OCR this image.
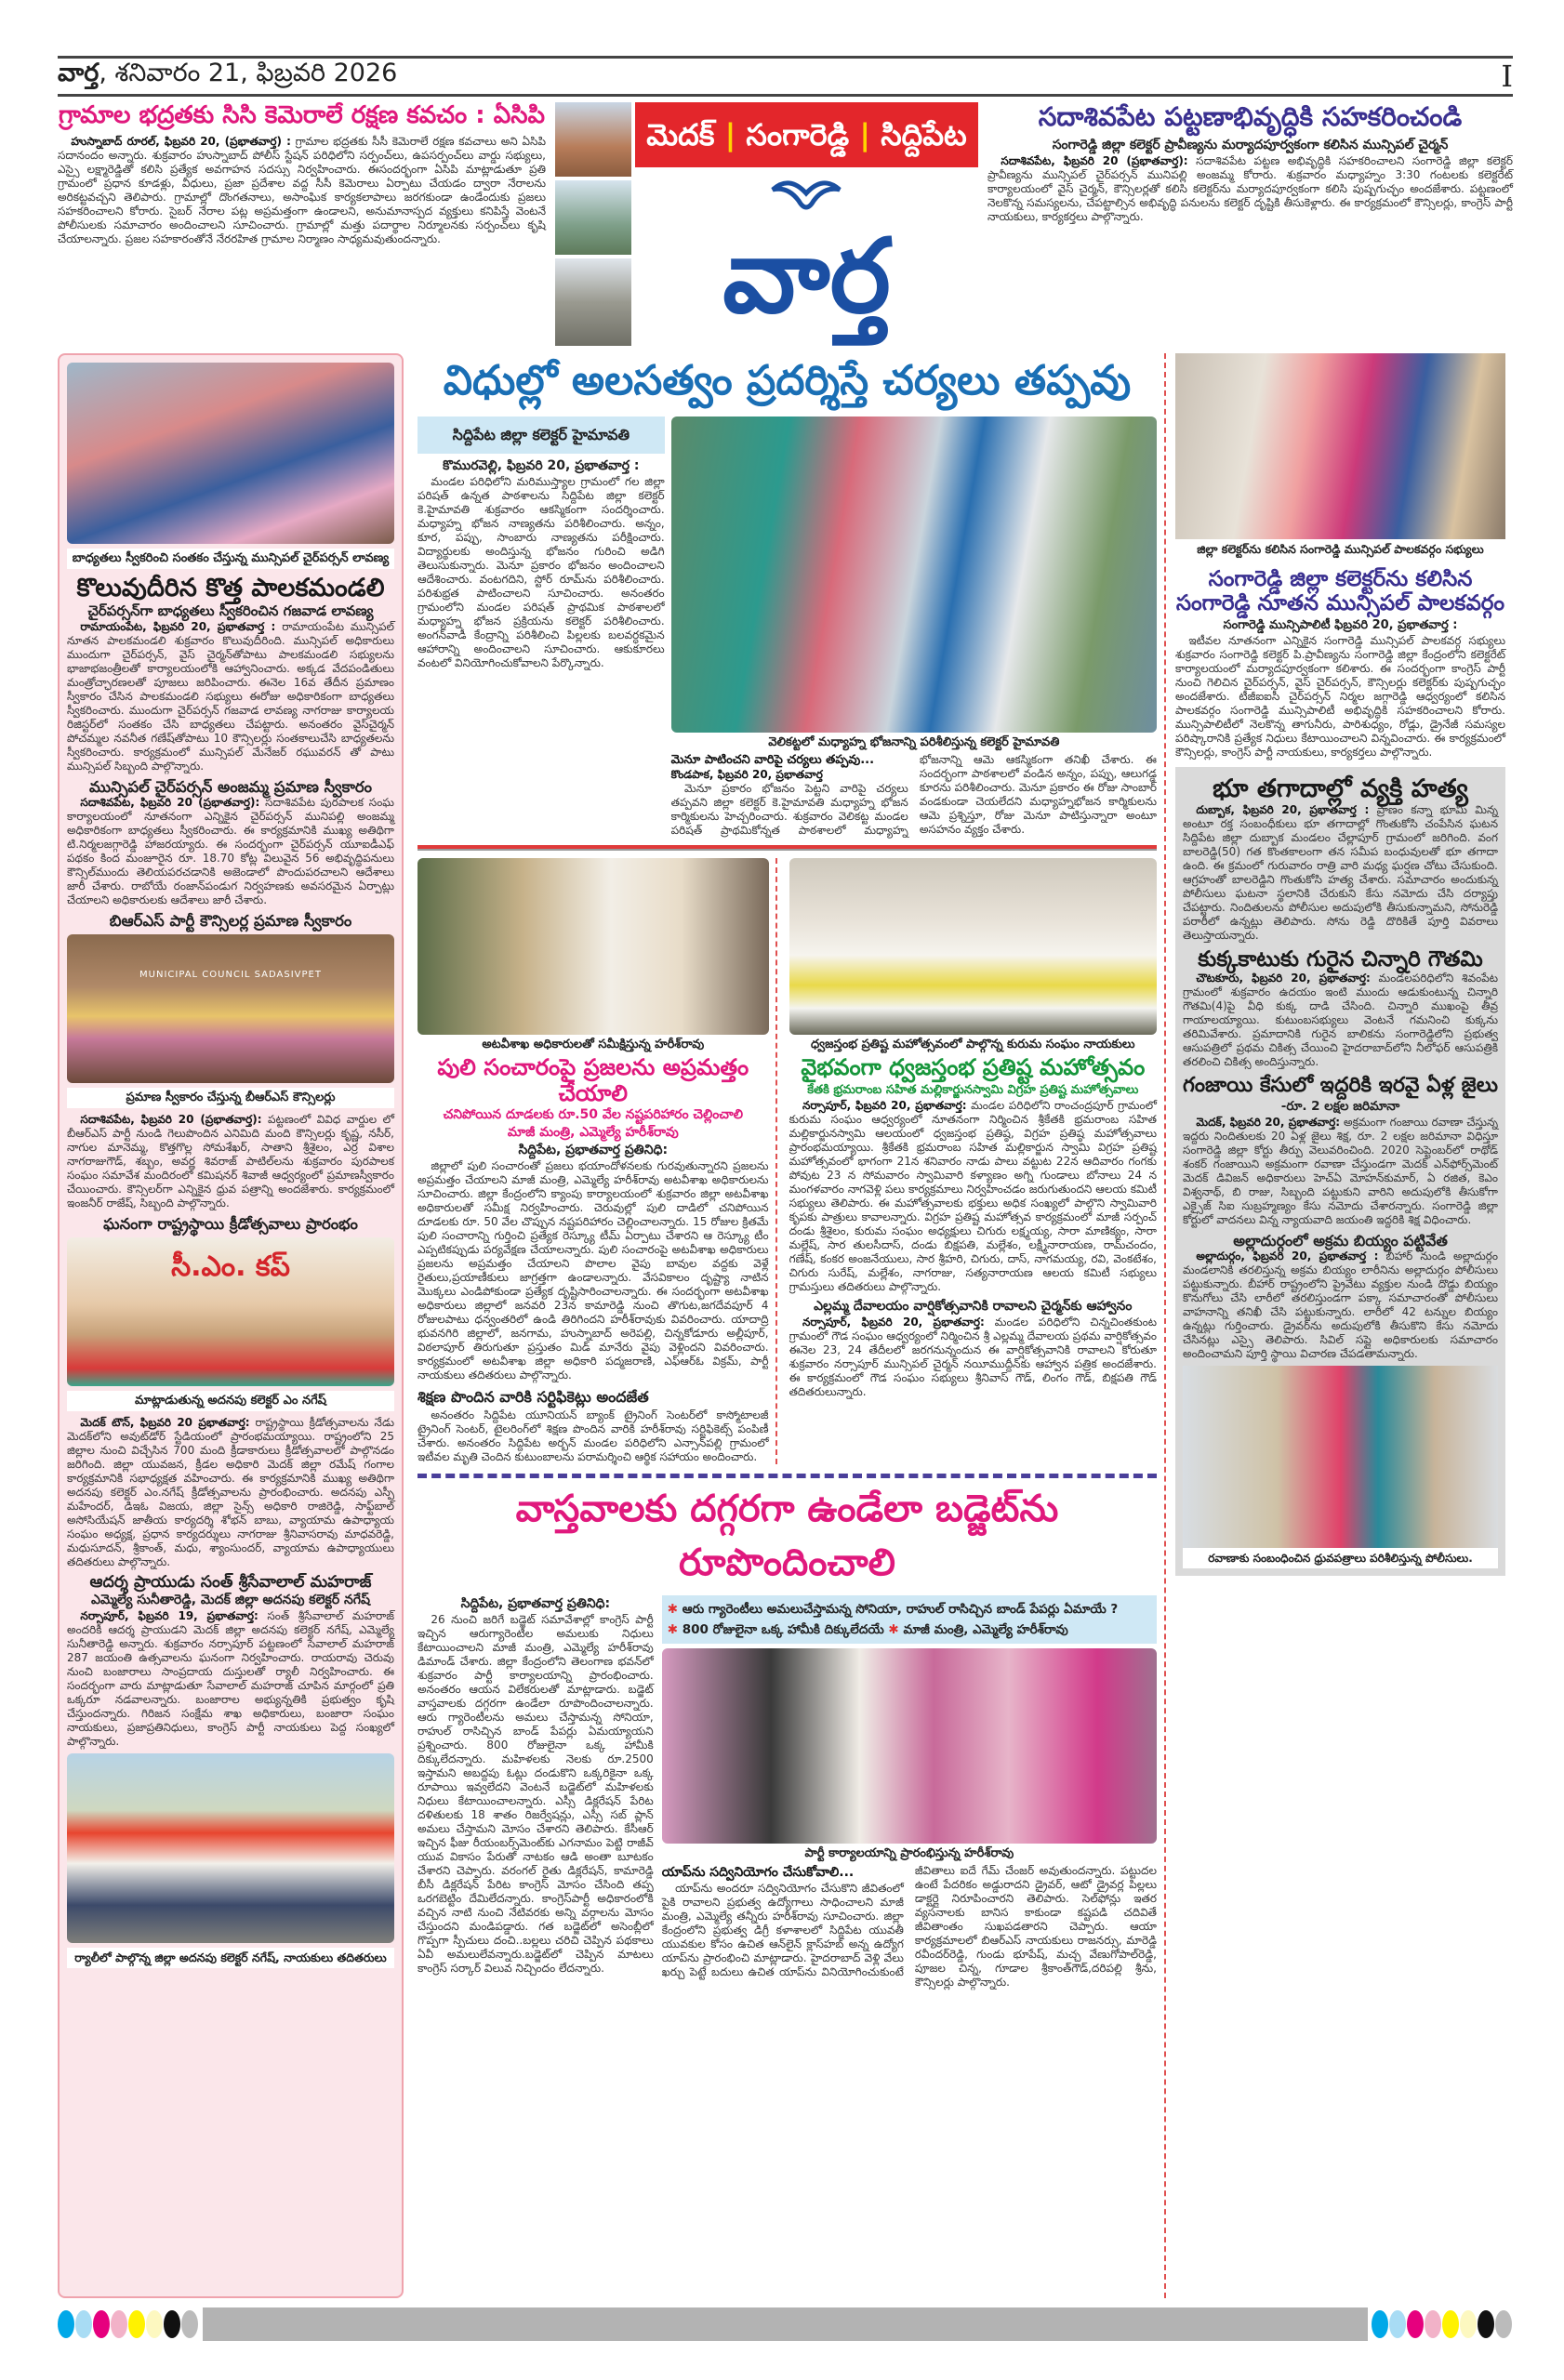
వార్త, శనివారం 21, ఫిబ్రవరి 2026	I
గ్రామాల భద్రతకు సిసి కెమెరాలే రక్షణ కవచం : ఏసిపి

హుస్నాబాద్ రూరల్, ఫిబ్రవరి 20, (ప్రభాతవార్త) : గ్రామాల భద్రతకు సీసీ కెమెరాలే రక్షణ కవచాలు అని ఏసిపి సదానందం అన్నారు. శుక్రవారం హుస్నాబాద్ పోలీస్ స్టేషన్ పరిధిలోని సర్పంచ్‌లు, ఉపసర్పంచ్‌లు వార్డు సభ్యులు, ఎస్సై లక్ష్మారెడ్డితో కలిసి ప్రత్యేక అవగాహన సదస్సు నిర్వహించారు. ఈసందర్భంగా ఏసిపి మాట్లాడుతూ ప్రతి గ్రామంలో ప్రధాన కూడళ్లు, వీధులు, ప్రజా ప్రదేశాల వద్ద సీసీ కెమెరాలు ఏర్పాటు చేయడం ద్వారా నేరాలను అరికట్టవచ్చని తెలిపారు. గ్రామాల్లో దొంగతనాలు, అసాంఘిక కార్యకలాపాలు జరగకుండా ఉండేందుకు ప్రజలు సహకరించాలని కోరారు. సైబర్ నేరాల పట్ల అప్రమత్తంగా ఉండాలని, అనుమానాస్పద వ్యక్తులు కనిపిస్తే వెంటనే పోలీసులకు సమాచారం అందించాలని సూచించారు. గ్రామాల్లో మత్తు పదార్థాల నిర్మూలనకు సర్పంచ్‌లు కృషి చేయాలన్నారు. ప్రజల సహకారంతోనే నేరరహిత గ్రామాల నిర్మాణం సాధ్యమవుతుందన్నారు.

మెదక్ | సంగారెడ్డి | సిద్దిపేట
వార్త
సదాశివపేట పట్టణాభివృద్ధికి సహకరించండి
సంగారెడ్డి జిల్లా కలెక్టర్ ప్రావీణ్యను మర్యాదపూర్వకంగా కలిసిన మున్సిపల్ చైర్మన్

సదాశివపేట, ఫిబ్రవరి 20 (ప్రభాతవార్త): సదాశివపేట పట్టణ అభివృద్ధికి సహకరించాలని సంగారెడ్డి జిల్లా కలెక్టర్ ప్రావీణ్యను మున్సిపల్ చైర్‌పర్సన్ మునిపల్లి అంజమ్మ కోరారు. శుక్రవారం మధ్యాహ్నం 3:30 గంటలకు కలెక్టరేట్ కార్యాలయంలో వైస్ చైర్మన్, కౌన్సిలర్లతో కలిసి కలెక్టర్‌ను మర్యాదపూర్వకంగా కలిసి పుష్పగుచ్ఛం అందజేశారు. పట్టణంలో నెలకొన్న సమస్యలను, చేపట్టాల్సిన అభివృద్ధి పనులను కలెక్టర్ దృష్టికి తీసుకెళ్లారు. ఈ కార్యక్రమంలో కౌన్సిలర్లు, కాంగ్రెస్ పార్టీ నాయకులు, కార్యకర్తలు పాల్గొన్నారు.

బాధ్యతలు స్వీకరించి సంతకం చేస్తున్న మున్సిపల్ చైర్‌పర్సన్ లావణ్య
కొలువుదీరిన కొత్త పాలకమండలి
చైర్‌పర్సన్‌గా బాధ్యతలు స్వీకరించిన గజవాడ లావణ్య

రామాయంపేట, ఫిబ్రవరి 20, ప్రభాతవార్త : రామాయంపేట మున్సిపల్ నూతన పాలకమండలి శుక్రవారం కొలువుదీరింది. మున్సిపల్ అధికారులు ముందుగా చైర్‌పర్సన్, వైస్ చైర్మన్‌తోపాటు పాలకమండలి సభ్యులను భాజాభజంత్రీలతో కార్యాలయంలోకి ఆహ్వానించారు. అక్కడ వేదపండితులు మంత్రోచ్ఛారణలతో పూజలు జరిపించారు. ఈనెల 16వ తేదీన ప్రమాణం స్వీకారం చేసిన పాలకమండలి సభ్యులు ఈరోజు అధికారికంగా బాధ్యతలు స్వీకరించారు. ముందుగా చైర్‌పర్సన్ గజవాడ లావణ్య నాగరాజు కార్యాలయ రిజిస్టర్‌లో సంతకం చేసి బాధ్యతలు చేపట్టారు. అనంతరం వైస్‌చైర్మన్ పోచమ్మల నవనీత గణేష్‌తోపాటు 10 కౌన్సిలర్లు సంతకాలుచేసి బాధ్యతలను స్వీకరించారు. కార్యక్రమంలో మున్సిపల్ మేనేజర్ రఘువరన్ తో పాటు మున్సిపల్ సిబ్బంది పాల్గొన్నారు.

మున్సిపల్ చైర్‌పర్సన్ అంజమ్మ ప్రమాణ స్వీకారం

సదాశివపేట, ఫిబ్రవరి 20 (ప్రభాతవార్త): సదాశివపేట పురపాలక సంఘ కార్యాలయంలో నూతనంగా ఎన్నికైన చైర్‌పర్సన్ మునిపల్లి అంజమ్మ అధికారికంగా బాధ్యతలు స్వీకరించారు. ఈ కార్యక్రమానికి ముఖ్య అతిథిగా టి.నిర్మలజగ్గారెడ్డి హాజరయ్యారు. ఈ సందర్భంగా చైర్‌పర్సన్ యూఐడీఎఫ్ పథకం కింద మంజూరైన రూ. 18.70 కోట్ల విలువైన 56 అభివృద్ధిపనులు కౌన్సిల్‌ముందు తెలియపరచడానికి అజెండాలో పొందుపరచాలని ఆదేశాలు జారీ చేశారు. రాబోయే రంజాన్‌పండుగ నిర్వహణకు అవసరమైన ఏర్పాట్లు చేయాలని అధికారులకు ఆదేశాలు జారీ చేశారు.

బిఆర్ఎస్ పార్టీ కౌన్సిలర్ల ప్రమాణ స్వీకారం
MUNICIPAL COUNCIL SADASIVPET
ప్రమాణ స్వీకారం చేస్తున్న బీఆర్ఎస్ కౌన్సిలర్లు

సదాశివపేట, ఫిబ్రవరి 20 (ప్రభాతవార్త): పట్టణంలో వివిధ వార్డుల లో బీఆర్ఎస్ పార్టీ నుండి గెలుపొందిన ఎనిమిది మంది కౌన్సిలర్లు కృష్ణ, నసీర్, నాగుల మానెమ్మ, కొత్తగొల్ల సోమశేఖర్, సాతాని శ్రీశైలం, ఎర్ర విశాల నాగరాజుగౌడ్, శబ్బం, అవర్ణ శివరాజ్ పాటిల్‌లను శుక్రవారం పురపాలక సంఘం సమావేశ మందిరంలో కమిషనర్ శివాజీ ఆధ్వర్యంలో ప్రమాణస్వీకారం చేయించారు. కౌన్సిలర్‌గా ఎన్నికైన ధ్రువ పత్రాన్ని అందజేశారు. కార్యక్రమంలో ఇంజనీర్ రాజేష్, సిబ్బంది పాల్గొన్నారు.

ఘనంగా రాష్ట్రస్థాయి క్రీడోత్సవాలు ప్రారంభం
సీ.ఎం. కప్
మాట్లాడుతున్న అదనపు కలెక్టర్ ఎం నగేష్

మెదక్ టౌన్, ఫిబ్రవరి 20 ప్రభాతవార్త: రాష్ట్రస్థాయి క్రీడోత్సవాలను నేడు మెదక్‌లోని అవుట్‌డోర్ స్టేడియంలో ప్రారంభమయ్యాయి. రాష్ట్రంలోని 25 జిల్లాల నుంచి విచ్చేసిన 700 మంది క్రీడాకారులు క్రీడోత్సవాలలో పాల్గొనడం జరిగింది. జిల్లా యువజన, క్రీడల అధికారి మెదక్ జిల్లా రమేష్ గంగాల కార్యక్రమానికి సభాధ్యక్షత వహించారు. ఈ కార్యక్రమానికి ముఖ్య అతిథిగా అదనపు కలెక్టర్ ఎం.నగేష్ క్రీడోత్సవాలను ప్రారంభించారు. అదనపు ఎస్పీ మహేందర్, డిఇఓ విజయ, జిల్లా సైన్స్ అధికారి రాజిరెడ్డి, సాఫ్ట్‌బాల్ అసోసియేషన్ జాతీయ కార్యదర్శి శోభన్ బాబు, వ్యాయామ ఉపాధ్యాయ సంఘం అధ్యక్ష, ప్రధాన కార్యదర్శులు నాగరాజు శ్రీనివాసరావు మాధవరెడ్డి, మధుసూదన్, శ్రీకాంత్, మధు, శ్యాంసుందర్, వ్యాయామ ఉపాధ్యాయులు తదితరులు పాల్గొన్నారు.

ఆదర్శ ప్రాయుడు సంత్ శ్రీసేవాలాల్ మహరాజ్
ఎమ్మెల్యే సునీతారెడ్డి, మెదక్ జిల్లా అదనపు కలెక్టర్ నగేష్

నర్సాపూర్, ఫిబ్రవరి 19, ప్రభాతవార్త: సంత్ శ్రీసేవాలాల్ మహరాజ్ అందరికీ ఆదర్శ ప్రాయుడని మెదక్ జిల్లా అదనపు కలెక్టర్ నగేష్, ఎమ్మెల్యే సునీతారెడ్డి అన్నారు. శుక్రవారం నర్సాపూర్ పట్టణంలో సేవాలాల్ మహరాజ్ 287 జయంతి ఉత్సవాలను ఘనంగా నిర్వహించారు. రాయరావు చెరువు నుంచి బంజారాలు సాంప్రదాయ దుస్తులతో ర్యాలీ నిర్వహించారు. ఈ సందర్భంగా వారు మాట్లాడుతూ సేవాలాల్ మహరాజ్ చూపిన మార్గంలో ప్రతి ఒక్కరూ నడవాలన్నారు. బంజారాల అభ్యున్నతికి ప్రభుత్వం కృషి చేస్తుందన్నారు. గిరిజన సంక్షేమ శాఖ అధికారులు, బంజారా సంఘం నాయకులు, ప్రజాప్రతినిధులు, కాంగ్రెస్ పార్టీ నాయకులు పెద్ద సంఖ్యలో పాల్గొన్నారు.

ర్యాలీలో పాల్గొన్న జిల్లా అదనపు కలెక్టర్ నగేష్, నాయకులు తదితరులు
విధుల్లో అలసత్వం ప్రదర్శిస్తే చర్యలు తప్పవు
సిద్దిపేట జిల్లా కలెక్టర్ హైమావతి
కొమురవెల్లి, ఫిబ్రవరి 20, ప్రభాతవార్త :

మండల పరిధిలోని మరిముస్త్యాల గ్రామంలో గల జిల్లా పరిషత్ ఉన్నత పాఠశాలను సిద్దిపేట జిల్లా కలెక్టర్ కె.హైమావతి శుక్రవారం ఆకస్మికంగా సందర్శించారు. మధ్యాహ్న భోజన నాణ్యతను పరిశీలించారు. అన్నం, కూర, పప్పు, సాంబారు నాణ్యతను పరీక్షించారు. విద్యార్థులకు అందిస్తున్న భోజనం గురించి అడిగి తెలుసుకున్నారు. మెనూ ప్రకారం భోజనం అందించాలని ఆదేశించారు. వంటగదిని, స్టోర్ రూమ్‌ను పరిశీలించారు. పరిశుభ్రత పాటించాలని సూచించారు. అనంతరం గ్రామంలోని మండల పరిషత్ ప్రాథమిక పాఠశాలలో మధ్యాహ్న భోజన ప్రక్రియను కలెక్టర్ పరిశీలించారు. అంగన్‌వాడీ కేంద్రాన్ని పరిశీలించి పిల్లలకు బలవర్ధకమైన ఆహారాన్ని అందించాలని సూచించారు. ఆకుకూరలు వంటలో వినియోగించుకోవాలని పేర్కొన్నారు.

వెలికట్టలో మధ్యాహ్న భోజనాన్ని పరిశీలిస్తున్న కలెక్టర్ హైమావతి
మెనూ పాటించని వారిపై చర్యలు తప్పవు...
కొండపాక, ఫిబ్రవరి 20, ప్రభాతవార్త

మెనూ ప్రకారం భోజనం పెట్టని వారిపై చర్యలు తప్పవని జిల్లా కలెక్టర్ కె.హైమావతి మధ్యాహ్న భోజన కార్మికులను హెచ్చరించారు. శుక్రవారం వెలికట్ట మండల పరిషత్ ప్రాథమికోన్నత పాఠశాలలో మధ్యాహ్న భోజనాన్ని ఆమె ఆకస్మికంగా తనిఖీ చేశారు. ఈ సందర్భంగా పాఠశాలలో వండిన అన్నం, పప్పు, ఆలుగడ్డ కూరను పరిశీలించారు. మెనూ ప్రకారం ఈ రోజు సాంబార్ వండకుండా చెయలేదని మధ్యాహ్నభోజన కార్మికులను ఆమె ప్రశ్నిస్తూ, రోజు మెనూ పాటిస్తున్నారా అంటూ అసహనం వ్యక్తం చేశారు.

అటవీశాఖ అధికారులతో సమీక్షిస్తున్న హరీశ్‌రావు
పులి సంచారంపై ప్రజలను అప్రమత్తం చేయాలి
చనిపోయిన దూడలకు రూ.50 వేల నష్టపరిహారం చెల్లించాలి
మాజీ మంత్రి, ఎమ్మెల్యే హరీశ్‌రావు
సిద్దిపేట, ప్రభాతవార్త ప్రతినిధి:

జిల్లాలో పులి సంచారంతో ప్రజలు భయాందోళనలకు గురవుతున్నారని ప్రజలను అప్రమత్తం చేయాలని మాజీ మంత్రి, ఎమ్మెల్యే హరీశ్‌రావు అటవీశాఖ అధికారులను సూచించారు. జిల్లా కేంద్రంలోని క్యాంపు కార్యాలయంలో శుక్రవారం జిల్లా అటవీశాఖ అధికారులతో సమీక్ష నిర్వహించారు. చెరువుల్లో పులి దాడిలో చనిపోయిన దూడలకు రూ. 50 వేల చొప్పున నష్టపరిహారం చెల్లించాలన్నారు. 15 రోజుల క్రితమే పులి సంచారాన్ని గుర్తించి ప్రత్యేక రెస్క్యూ టీమ్ ఏర్పాటు చేశారని ఆ రెస్క్యూ టీం ఎప్పటికప్పుడు పర్యవేక్షణ చేయాలన్నారు. పులి సంచారంపై అటవీశాఖ అధికారులు ప్రజలను అప్రమత్తం చేయాలని పొలాల వైపు బావుల వద్దకు వెళ్లే రైతులు,ప్రయాణీకులు జాగ్రత్తగా ఉండాలన్నారు. వేసవికాలం దృష్ట్యా నాటిన మొక్కలు ఎండిపోకుండా ప్రత్యేక దృష్టిసారించాలన్నారు. ఈ సందర్భంగా అటవీశాఖ అధికారులు జిల్లాలో జనవరి 23న కామారెడ్డి నుంచి తొగుట,జగదేవపూర్ 4 రోజులపాటు ధన్వంతరిలో ఉండి తిరిగిందని హరీశ్‌రావుకు వివరించారు. యాదాద్రి భువనగిరి జిల్లాలో, జనగామ, హుస్నాబాద్ అరెపల్లి, చిన్నకోడూరు అల్లీపూర్, విఠలాపూర్ తిరుగుతూ ప్రస్తుతం మిడ్ మానేరు వైపు వెళ్లిందని వివరించారు. కార్యక్రమంలో అటవీశాఖ జిల్లా అధికారి పద్మజరాణి, ఎఫ్ఆర్ఓ విక్రమ్, పార్టీ నాయకులు తదితరులు పాల్గొన్నారు.

శిక్షణ పొందిన వారికి సర్టిఫికెట్లు అందజేత

అనంతరం సిద్దిపేట యూనియన్ బ్యాంక్ ట్రైనింగ్ సెంటర్‌లో కాస్మోటాలజీ ట్రైనింగ్ సెంటర్, టైలరింగ్‌లో శిక్షణ పొందిన వారికి హరీశ్‌రావు సర్టిఫికెట్స్ పంపిణీ చేశారు. అనంతరం సిద్దిపేట అర్బన్ మండల పరిధిలోని ఎన్సాన్‌పల్లి గ్రామంలో ఇటీవల మృతి చెందిన కుటుంబాలను పరామర్శించి ఆర్థిక సహాయం అందించారు.

ధ్వజస్తంభ ప్రతిష్ట మహోత్సవంలో పాల్గొన్న కురుమ సంఘం నాయకులు
వైభవంగా ధ్వజస్తంభ ప్రతిష్ట మహోత్సవం
కేతకి భ్రమరాంబ సహిత మల్లికార్జునస్వామి విగ్రహ ప్రతిష్ట మహోత్సవాలు

నర్సాపూర్, ఫిబ్రవరి 20, ప్రభాతవార్త: మండల పరిధిలోని రాంచంద్రపూర్ గ్రామంలో కురుమ సంఘం ఆధ్వర్యంలో నూతనంగా నిర్మించిన శ్రీకేతకి భ్రమరాంబ సహిత మల్లికార్జునస్వామి ఆలయంలో ధ్వజస్తంభ ప్రతిష్ఠ, విగ్రహ ప్రతిష్ఠ మహోత్సవాలు ప్రారంభమయ్యాయి. శ్రీకేతకి భ్రమరాంబ సహిత మల్లికార్జున స్వామి విగ్రహ ప్రతిష్ట మహోత్సవంలో భాగంగా 21న శనివారం నాడు పాలు వట్టుట 22న ఆదివారం గంగకు పోవుట 23 న సోమవారం స్వామివారి కళ్యాణం అగ్ని గుండాలు బోనాలు 24 న మంగళవారం నాగవెళ్లి పలు కార్యక్రమాలు నిర్వహించడం జరుగుతుందని ఆలయ కమిటీ సభ్యులు తెలిపారు. ఈ మహోత్సవాలకు భక్తులు అధిక సంఖ్యలో పాల్గొని స్వామివారి కృపకు పాత్రులు కావాలన్నారు. విగ్రహ ప్రతిష్ట మహోత్సవ కార్యక్రమంలో మాజీ సర్పంచ్ దండు శ్రీశైలం, కురుమ సంఘం అధ్యక్షులు చిగురు లక్ష్మయ్య, సారా మాణిక్యం, సారా మల్లేష్, సార తులసీదాస్, దండు బిక్షపతి, మల్లేశం, లక్ష్మీనారాయణ, రామ్‌చందం, గణేష్, కంకర అంజనేయులు, సార శ్రీహరి, చిగురు, దాస్, నాగమయ్య, రవి, వెంకటేశం, చిగురు సురేష్, మల్లేశం, నాగరాజు, సత్యనారాయణ ఆలయ కమిటీ సభ్యులు గ్రామస్తులు తదితరులు పాల్గొన్నారు.

ఎల్లమ్మ దేవాలయం వార్షికోత్సవానికి రావాలని చైర్మన్‌కు ఆహ్వానం

నర్సాపూర్, ఫిబ్రవరి 20, ప్రభాతవార్త: మండల పరిధిలోని చిన్నచింతకుంట గ్రామంలో గౌడ సంఘం ఆధ్వర్యంలో నిర్మించిన శ్రీ ఎల్లమ్మ దేవాలయ ప్రథమ వార్షికోత్సవం ఈనెల 23, 24 తేదీలలో జరగనున్నందున ఈ వార్షికోత్సవానికి రావాలని కోరుతూ శుక్రవారం నర్సాపూర్ మున్సిపల్ చైర్మన్ నయీముద్దీన్‌కు ఆహ్వాన పత్రిక అందజేశారు. ఈ కార్యక్రమంలో గౌడ సంఘం సభ్యులు శ్రీనివాస్ గౌడ్, లింగం గౌడ్, బిక్షపతి గౌడ్ తదితరులున్నారు.

వాస్తవాలకు దగ్గరగా ఉండేలా బడ్జెట్‌ను రూపొందించాలి
సిద్దిపేట, ప్రభాతవార్త ప్రతినిధి:

26 నుంచి జరిగే బడ్జెట్ సమావేశాల్లో కాంగ్రెస్ పార్టీ ఇచ్చిన ఆరుగ్యారెంటీల అమలుకు నిధులు కేటాయించాలని మాజీ మంత్రి, ఎమ్మెల్యే హరీశ్‌రావు డిమాండ్ చేశారు. జిల్లా కేంద్రంలోని తెలంగాణ భవన్‌లో శుక్రవారం పార్టీ కార్యాలయాన్ని ప్రారంభించారు. అనంతరం ఆయన విలేకరులతో మాట్లాడారు. బడ్జెట్ వాస్తవాలకు దగ్గరగా ఉండేలా రూపొందించాలన్నారు. ఆరు గ్యారెంటీలను అమలు చేస్తామన్న సోనియా, రాహుల్ రాసిచ్చిన బాండ్ పేపర్లు ఏమయ్యాయని ప్రశ్నించారు. 800 రోజులైనా ఒక్క హామీకి దిక్కులేదన్నారు. మహిళలకు నెలకు రూ.2500 ఇస్తామని అబద్దపు ఓట్లు దండుకొని ఒక్కరికైనా ఒక్క రూపాయి ఇవ్వలేదని వెంటనే బడ్జెట్‌లో మహిళలకు నిధులు కేటాయించాలన్నారు. ఎస్సీ డిక్లరేషన్ పేరిట దళితులకు 18 శాతం రిజర్వేషన్లు, ఎస్సీ సబ్ ప్లాన్ అమలు చేస్తామని మోసం చేశారని తెలిపారు. కేసీఆర్ ఇచ్చిన ఫీజు రీయంబర్స్‌మెంట్‌కు ఎగనామం పెట్టి రాజీవ్ యువ వికాసం పేరుతో నాటకం ఆడి అంతా బూటకం చేశారని చెప్పారు. వరంగల్ రైతు డిక్లరేషన్, కామారెడ్డి బీసీ డిక్లరేషన్ పేరిట కాంగ్రెస్ మోసం చేసింది తప్ప ఒరగబెట్టిం దేమిలేదన్నారు. కాంగ్రెస్‌పార్టీ అధికారంలోకి వచ్చిన నాటి నుంచి నేటివరకు అన్ని వర్గాలను మోసం చేస్తుందని మండిపడ్డారు. గత బడ్జెట్‌లో అసెంబ్లీలో గొప్పగా స్పీచులు దంచి..బల్లలు చరిచి చెప్పిన పథకాలు ఏవీ అమలులేవన్నారు.బడ్జెట్‌లో చెప్పిన మాటలు కాంగ్రెస్ సర్కార్ విలువ నిచ్చిందం లేదన్నారు.

✱ ఆరు గ్యారెంటీలు అమలుచేస్తామన్న సోనియా, రాహుల్ రాసిచ్చిన బాండ్ పేపర్లు ఏమాయే ?
✱ 800 రోజులైనా ఒక్క హామీకి దిక్కులేదయే ✱ మాజీ మంత్రి, ఎమ్మెల్యే హరీశ్‌రావు
పార్టీ కార్యాలయాన్ని ప్రారంభిస్తున్న హరీశ్‌రావు
యాప్‌ను సద్వినియోగం చేసుకోవాలి...

యాప్‌ను అందరూ సద్వినియోగం చేసుకొని జీవితంలో పైకి రావాలని ప్రభుత్వ ఉద్యోగాలు సాధించాలని మాజీ మంత్రి, ఎమ్మెల్యే తన్నీరు హరీశ్‌రావు సూచించారు. జిల్లా కేంద్రంలోని ప్రభుత్వ డిగ్రీ కళాశాలలో సిద్దిపేట యువతీ యువకుల కోసం ఉచిత ఆన్‌లైన్ క్లాస్‌హబ్ అన్న ఉద్యోగ యాప్‌ను ప్రారంభించి మాట్లాడారు. హైదరాబాద్ వెళ్లి వేలు ఖర్చు పెట్టే బదులు ఉచిత యాప్‌ను వినియోగించుకుంటే జీవితాలు ఐదే గేమ్ చేంజర్ అవుతుందన్నారు. పట్టుదల ఉంటే పేదరికం అడ్డురాదని డ్రైవర్, ఆటో డ్రైవర్ల పిల్లలు డాక్టర్లై నిరూపించారని తెలిపారు. సెల్‌ఫోన్లు ఇతర వ్యసనాలకు బానిస కాకుండా కష్టపడి చదివితే జీవితాంతం సుఖపడతారని చెప్పారు. ఆయా కార్యక్రమాలలో బిఆర్ఎస్ నాయకులు రాజనర్సు, మారెడ్డి రవీందర్‌రెడ్డి, గుండు భూపేష్, మచ్చ వేణుగోపాల్‌రెడ్డి, పూజల చిన్న, గూడాల శ్రీకాంత్‌గౌడ్,దరిపల్లి శ్రీను, కౌన్సిలర్లు పాల్గొన్నారు.

జిల్లా కలెక్టర్‌ను కలిసిన సంగారెడ్డి మున్సిపల్ పాలకవర్గం సభ్యులు
సంగారెడ్డి జిల్లా కలెక్టర్‌ను కలిసిన
సంగారెడ్డి నూతన మున్సిపల్ పాలకవర్గం
సంగారెడ్డి మున్సిపాలిటీ ఫిబ్రవరి 20, ప్రభాతవార్త :

ఇటీవల నూతనంగా ఎన్నికైన సంగారెడ్డి మున్సిపల్ పాలకవర్గ సభ్యులు శుక్రవారం సంగారెడ్డి కలెక్టర్ పి.ప్రావీణ్యను సంగారెడ్డి జిల్లా కేంద్రంలోని కలెక్టరేట్ కార్యాలయంలో మర్యాదపూర్వకంగా కలిశారు. ఈ సందర్భంగా కాంగ్రెస్ పార్టీ నుంచి గెలిచిన చైర్‌పర్సన్, వైస్ చైర్‌పర్సన్, కౌన్సిలర్లు కలెక్టర్‌కు పుష్పగుచ్ఛం అందజేశారు. టీజీఐఐసీ చైర్‌పర్సన్ నిర్మల జగ్గారెడ్డి ఆధ్వర్యంలో కలిసిన పాలకవర్గం సంగారెడ్డి మున్సిపాలిటీ అభివృద్ధికి సహకరించాలని కోరారు. మున్సిపాలిటీలో నెలకొన్న తాగునీరు, పారిశుధ్యం, రోడ్లు, డ్రైనేజీ సమస్యల పరిష్కారానికి ప్రత్యేక నిధులు కేటాయించాలని విన్నవించారు. ఈ కార్యక్రమంలో కౌన్సిలర్లు, కాంగ్రెస్ పార్టీ నాయకులు, కార్యకర్తలు పాల్గొన్నారు.

భూ తగాదాల్లో వ్యక్తి హత్య

దుబ్బాక, ఫిబ్రవరి 20, ప్రభాతవార్త : ప్రాణం కన్నా భూమి మిన్న అంటూ రక్త సంబంధీకులు భూ తగాదాల్లో గొంతుకోసి చంపేసిన ఘటన సిద్దిపేట జిల్లా దుబ్బాక మండలం చేల్లాపూర్ గ్రామంలో జరిగింది. వంగ బాలరెడ్డి(50) గత కొంతకాలంగా తన సమీప బంధువులతో భూ తగాదా ఉంది. ఈ క్రమంలో గురువారం రాత్రి వారి మధ్య ఘర్షణ చోటు చేసుకుంది. ఆగ్రహంతో బాలరెడ్డిని గొంతుకోసి హత్య చేశారు. సమాచారం అందుకున్న పోలీసులు ఘటనా స్థలానికి చేరుకుని కేసు నమోదు చేసి దర్యాప్తు చేపట్టారు. నిందితులను పోలీసుల అదుపులోకి తీసుకున్నామని, సోనురెడ్డి పరారీలో ఉన్నట్లు తెలిపారు. సోను రెడ్డి దొరికితే పూర్తి వివరాలు తెలుస్తాయన్నారు.

కుక్కకాటుకు గురైన చిన్నారి గౌతమి

చౌటకూరు, ఫిబ్రవరి 20, ప్రభాతవార్త: మండలపరిధిలోని శివంపేట గ్రామంలో శుక్రవారం ఉదయం ఇంటి ముందు ఆడుకుంటున్న చిన్నారి గౌతమి(4)పై వీధి కుక్క దాడి చేసింది. చిన్నారి ముఖంపై తీవ్ర గాయాలయ్యాయి. కుటుంబసభ్యులు వెంటనే గమనించి కుక్కను తరిమివేశారు. ప్రమాదానికి గురైన బాలికను సంగారెడ్డిలోని ప్రభుత్వ ఆసుపత్రిలో ప్రథమ చికిత్స చేయించి హైదరాబాద్‌లోని నీలోఫర్ ఆసుపత్రికి తరలించి చికిత్స అందిస్తున్నారు.

గంజాయి కేసులో ఇద్దరికి ఇరవై ఏళ్ల జైలు
-రూ. 2 లక్షల జరిమానా

మెదక్, ఫిబ్రవరి 20, ప్రభాతవార్త: అక్రమంగా గంజాయి రవాణా చేస్తున్న ఇద్దరు నిందితులకు 20 ఏళ్ల జైలు శిక్ష, రూ. 2 లక్షల జరిమానా విధిస్తూ సంగారెడ్డి జిల్లా కోర్టు తీర్పు వెలువరించింది. 2020 సెప్టెంబర్‌లో రాథోడ్ శంకర్ గంజాయిని అక్రమంగా రవాణా చేస్తుండగా మెదక్ ఎన్‌ఫోర్స్‌మెంట్ మెదక్ డివిజన్ అధికారులు హెచ్‌ఏ మోహన్‌కుమార్, ఏ రజిత, కెఎం విశ్వనాథ్, బి రాజు, సిబ్బంది పట్టుకుని వారిని అదుపులోకి తీసుకోగా ఎక్సైజ్ సిఐ సుబ్రహ్మణ్యం కేసు నమోదు చేశారన్నారు. సంగారెడ్డి జిల్లా కోర్టులో వాదనలు విన్న న్యాయవాది జయంతి ఇద్దరికి శిక్ష విధించారు.

అల్లాదుర్గంలో అక్రమ బియ్యం పట్టివేత

అల్లాదుర్గం, ఫిబ్రవరి 20, ప్రభాతవార్త : బీహార్ నుండి అల్లాదుర్గం మండలానికి తరలిస్తున్న అక్రమ బియ్యం లారీనిను అల్లాదుర్గం పోలీసులు పట్టుకున్నారు. బీహార్ రాష్ట్రంలోని ప్రైవేటు వ్యక్తుల నుండి దొడ్డు బియ్యం కొనుగోలు చేసి లారీలో తరలిస్తుండగా పక్కా సమాచారంతో పోలీసులు వాహనాన్ని తనిఖీ చేసి పట్టుకున్నారు. లారీలో 42 టన్నుల బియ్యం ఉన్నట్లు గుర్తించారు. డ్రైవర్‌ను అదుపులోకి తీసుకొని కేసు నమోదు చేసినట్లు ఎస్సై తెలిపారు. సివిల్ సప్లై అధికారులకు సమాచారం అందించామని పూర్తి స్థాయి విచారణ చేపడతామన్నారు.

రవాణాకు సంబంధించిన ధ్రువపత్రాలు పరిశీలిస్తున్న పోలీసులు.
